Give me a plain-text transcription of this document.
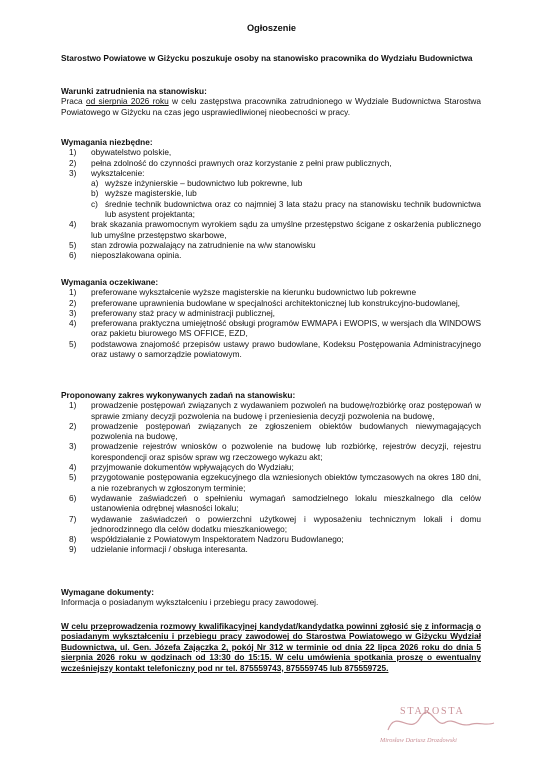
Ogłoszenie
Starostwo Powiatowe w Giżycku poszukuje osoby na stanowisko pracownika do Wydziału Budownictwa
Warunki zatrudnienia na stanowisku:
Praca od sierpnia 2026 roku w celu zastępstwa pracownika zatrudnionego w Wydziale Budownictwa Starostwa Powiatowego w Giżycku na czas jego usprawiedliwionej nieobecności w pracy.
Wymagania niezbędne:
1) obywatelstwo polskie,
2) pełna zdolność do czynności prawnych oraz korzystanie z pełni praw publicznych,
3) wykształcenie:
a) wyższe inżynierskie – budownictwo lub pokrewne, lub
b) wyższe magisterskie, lub
c) średnie technik budownictwa oraz co najmniej 3 lata stażu pracy na stanowisku technik budownictwa lub asystent projektanta;
4) brak skazania prawomocnym wyrokiem sądu za umyślne przestępstwo ścigane z oskarżenia publicznego lub umyślne przestępstwo skarbowe,
5) stan zdrowia pozwalający na zatrudnienie na w/w stanowisku
6) nieposzlakowana opinia.
Wymagania oczekiwane:
1) preferowane wykształcenie wyższe magisterskie na kierunku budownictwo lub pokrewne
2) preferowane uprawnienia budowlane w specjalności architektonicznej lub konstrukcyjno-budowlanej,
3) preferowany staż pracy w administracji publicznej,
4) preferowana praktyczna umiejętność obsługi programów EWMAPA i EWOPIS, w wersjach dla WINDOWS oraz pakietu biurowego MS OFFICE, EZD,
5) podstawowa znajomość przepisów ustawy prawo budowlane, Kodeksu Postępowania Administracyjnego oraz ustawy o samorządzie powiatowym.
Proponowany zakres wykonywanych zadań na stanowisku:
1) prowadzenie postępowań związanych z wydawaniem pozwoleń na budowę/rozbiórkę oraz postępowań w sprawie zmiany decyzji pozwolenia na budowę i przeniesienia decyzji pozwolenia na budowę,
2) prowadzenie postępowań związanych ze zgłoszeniem obiektów budowlanych niewymagających pozwolenia na budowę,
3) prowadzenie rejestrów wniosków o pozwolenie na budowę lub rozbiórkę, rejestrów decyzji, rejestru korespondencji oraz spisów spraw wg rzeczowego wykazu akt;
4) przyjmowanie dokumentów wpływających do Wydziału;
5) przygotowanie postępowania egzekucyjnego dla wzniesionych obiektów tymczasowych na okres 180 dni, a nie rozebranych w zgłoszonym terminie;
6) wydawanie zaświadczeń o spełnieniu wymagań samodzielnego lokalu mieszkalnego dla celów ustanowienia odrębnej własności lokalu;
7) wydawanie zaświadczeń o powierzchni użytkowej i wyposażeniu technicznym lokali i domu jednorodzinnego dla celów dodatku mieszkaniowego;
8) współdziałanie z Powiatowym Inspektoratem Nadzoru Budowlanego;
9) udzielanie informacji / obsługa interesanta.
Wymagane dokumenty:
Informacja o posiadanym wykształceniu i przebiegu pracy zawodowej.
W celu przeprowadzenia rozmowy kwalifikacyjnej kandydat/kandydatka powinni zgłosić się z informacją o posiadanym wykształceniu i przebiegu pracy zawodowej do Starostwa Powiatowego w Giżycku Wydział Budownictwa, ul. Gen. Józefa Zajączka 2, pokój Nr 312 w terminie od dnia 22 lipca 2026 roku do dnia 5 sierpnia 2026 roku w godzinach od 13:30 do 15:15. W celu umówienia spotkania proszę o ewentualny wcześniejszy kontakt telefoniczny pod nr tel. 875559743, 875559745 lub 875559725.
STAROSTA
Mirosław Dariusz Drozdowski
